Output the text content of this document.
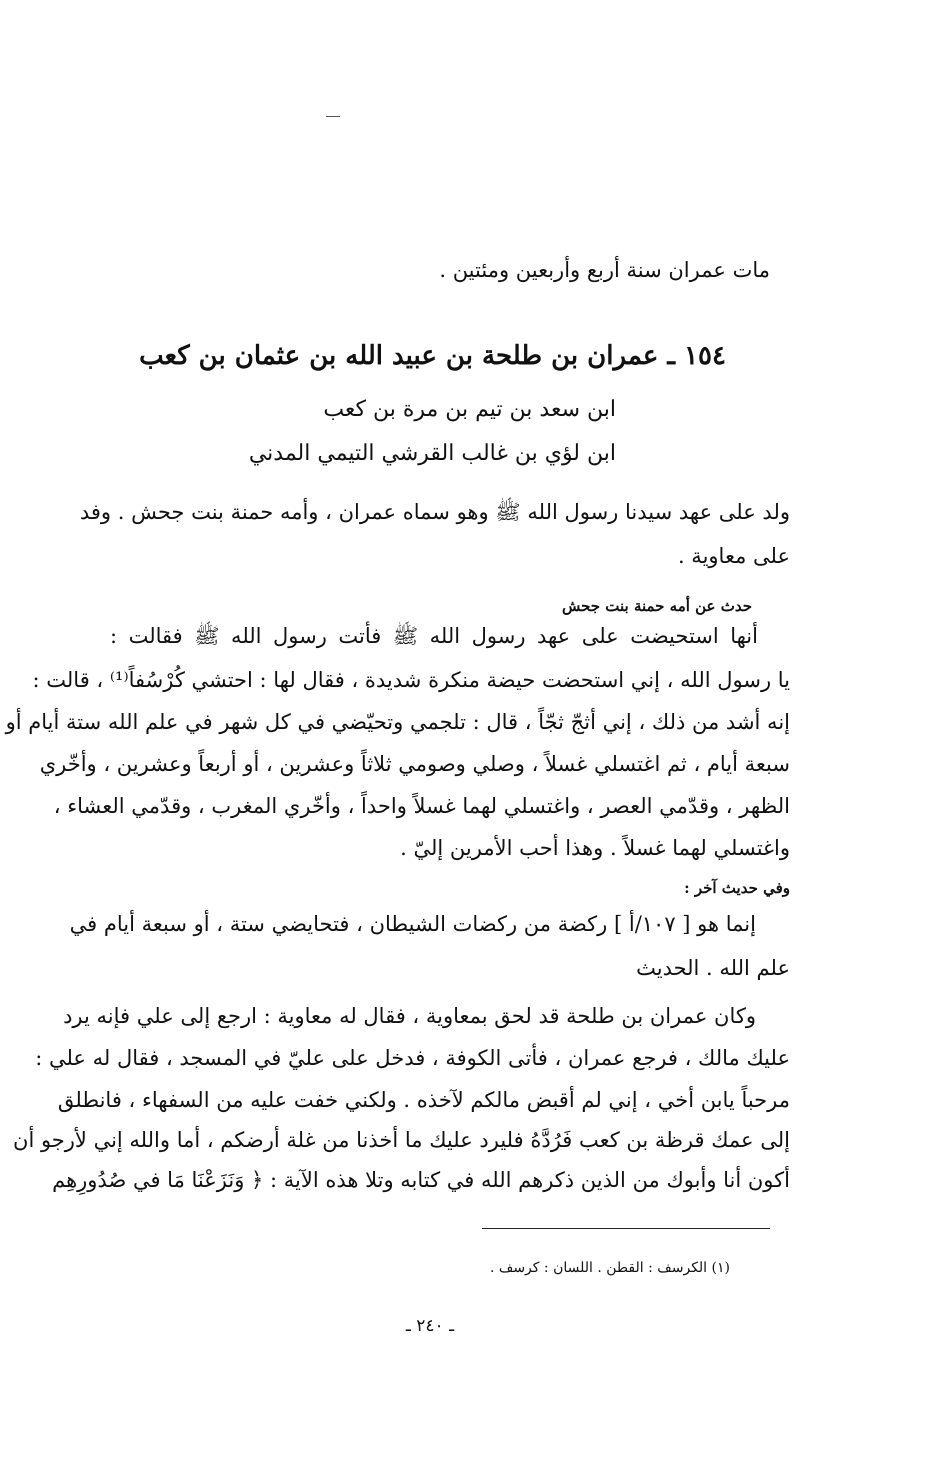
مات عمران سنة أربع وأربعين ومئتين .
١٥٤ ـ عمران بن طلحة بن عبيد الله بن عثمان بن كعب
ابن سعد بن تيم بن مرة بن كعب
ابن لؤي بن غالب القرشي التيمي المدني
ولد على عهد سيدنا رسول الله ﷺ وهو سماه عمران ، وأمه حمنة بنت جحش . وفد
على معاوية .
حدث عن أمه حمنة بنت جحش
أنها استحيضت على عهد رسول الله ﷺ فأتت رسول الله ﷺ فقالت :
يا رسول الله ، إني استحضت حيضة منكرة شديدة ، فقال لها : احتشي كُرْسُفاً⁽¹⁾ ، قالت :
إنه أشد من ذلك ، إني أثجّ ثجّاً ، قال : تلجمي وتحيّضي في كل شهر في علم الله ستة أيام أو
سبعة أيام ، ثم اغتسلي غسلاً ، وصلي وصومي ثلاثاً وعشرين ، أو أربعاً وعشرين ، وأخّري
الظهر ، وقدّمي العصر ، واغتسلي لهما غسلاً واحداً ، وأخّري المغرب ، وقدّمي العشاء ،
واغتسلي لهما غسلاً . وهذا أحب الأمرين إليّ .
وفي حديث آخر :
إنما هو [ ١٠٧/أ ] ركضة من ركضات الشيطان ، فتحايضي ستة ، أو سبعة أيام في
علم الله . الحديث
وكان عمران بن طلحة قد لحق بمعاوية ، فقال له معاوية : ارجع إلى علي فإنه يرد
عليك مالك ، فرجع عمران ، فأتى الكوفة ، فدخل على عليّ في المسجد ، فقال له علي :
مرحباً يابن أخي ، إني لم أقبض مالكم لآخذه . ولكني خفت عليه من السفهاء ، فانطلق
إلى عمك قرظة بن كعب فَرُدَّهُ فليرد عليك ما أخذنا من غلة أرضكم ، أما والله إني لأرجو أن
أكون أنا وأبوك من الذين ذكرهم الله في كتابه وتلا هذه الآية : ﴿ وَنَزَعْنَا مَا في صُدُورِهِم
(١) الكرسف : القطن . اللسان : كرسف .
ـ ٢٤٠ ـ
